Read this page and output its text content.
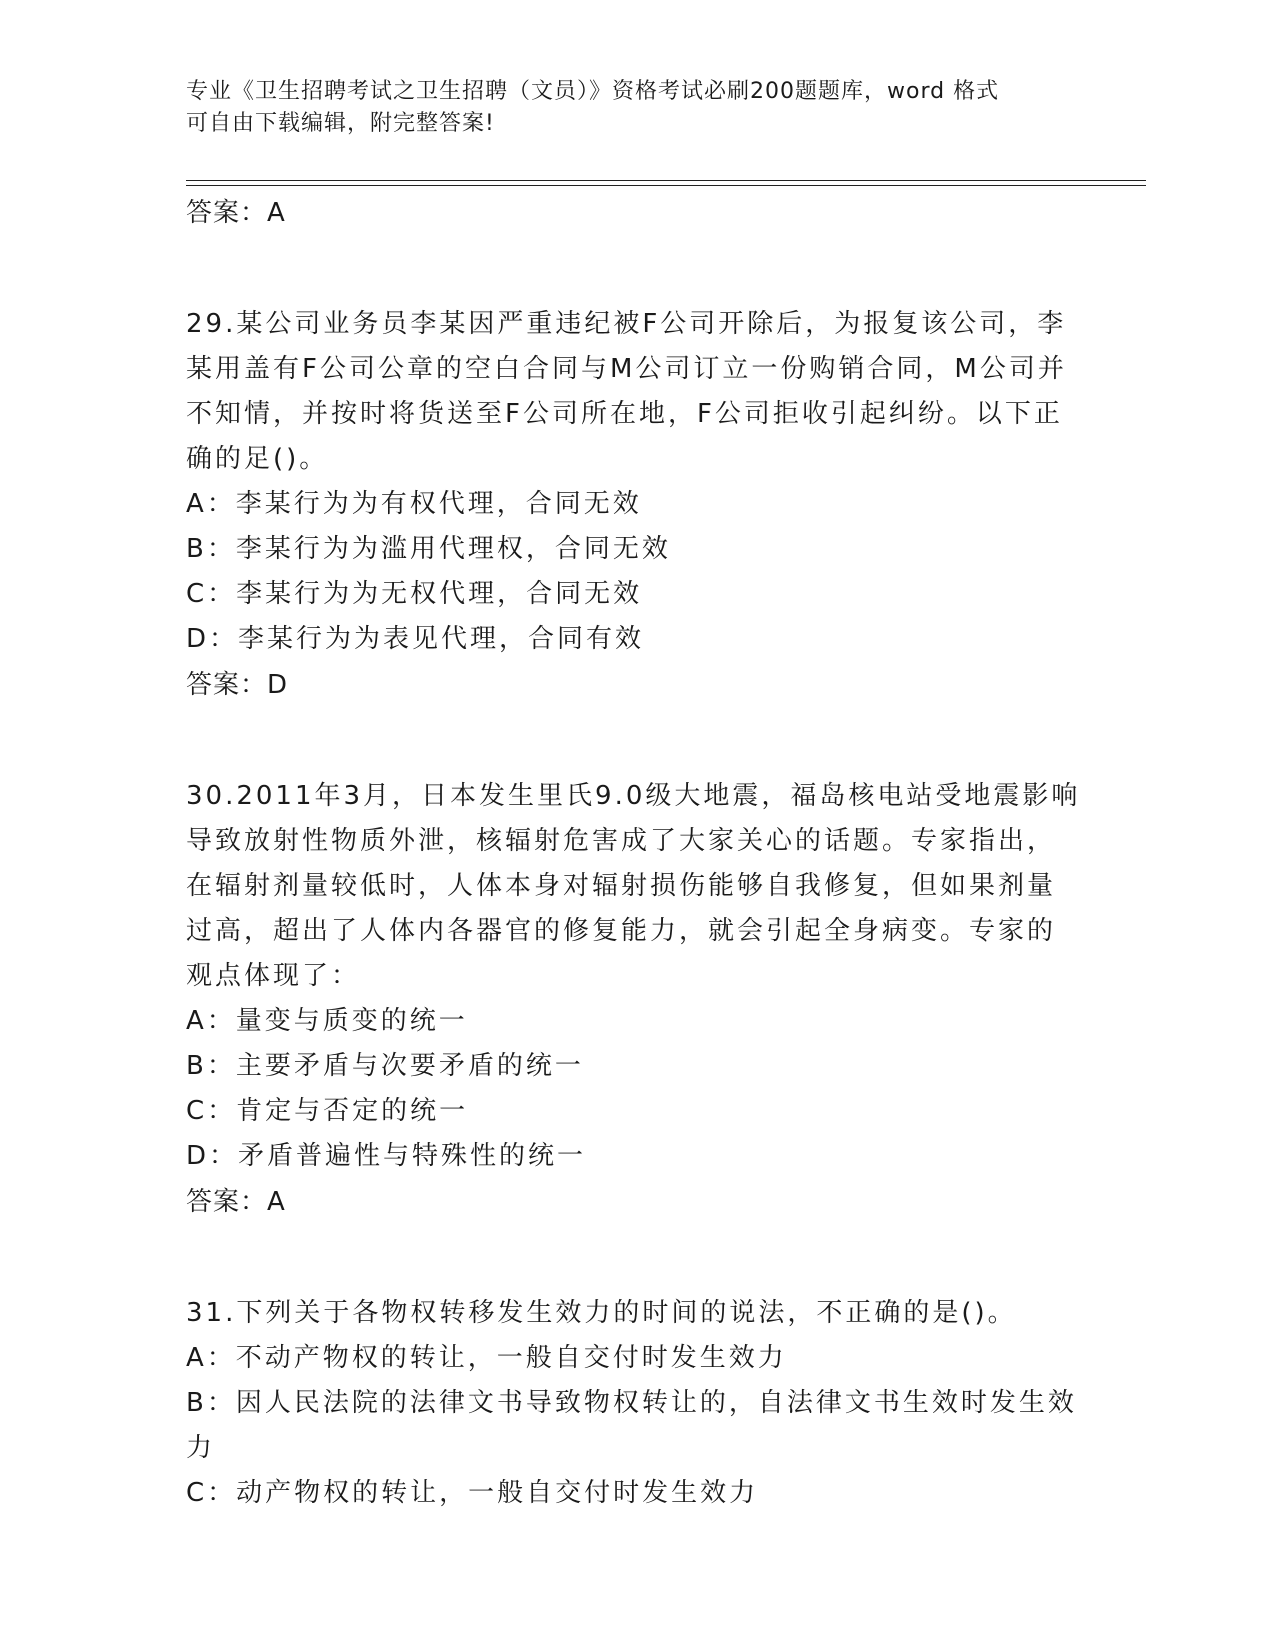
专业《卫生招聘考试之卫生招聘（文员）》资格考试必刷200题题库，word 格式
可自由下载编辑，附完整答案!
答案：A
29.某公司业务员李某因严重违纪被F公司开除后，为报复该公司，李
某用盖有F公司公章的空白合同与M公司订立一份购销合同，M公司并
不知情，并按时将货送至F公司所在地，F公司拒收引起纠纷。以下正
确的足()。
A：李某行为为有权代理，合同无效
B：李某行为为滥用代理权，合同无效
C：李某行为为无权代理，合同无效
D：李某行为为表见代理，合同有效
答案：D
30.2011年3月，日本发生里氏9.0级大地震，福岛核电站受地震影响
导致放射性物质外泄，核辐射危害成了大家关心的话题。专家指出，
在辐射剂量较低时，人体本身对辐射损伤能够自我修复，但如果剂量
过高，超出了人体内各器官的修复能力，就会引起全身病变。专家的
观点体现了：
A：量变与质变的统一
B：主要矛盾与次要矛盾的统一
C：肯定与否定的统一
D：矛盾普遍性与特殊性的统一
答案：A
31.下列关于各物权转移发生效力的时间的说法，不正确的是()。
A：不动产物权的转让，一般自交付时发生效力
B：因人民法院的法律文书导致物权转让的，自法律文书生效时发生效
力
C：动产物权的转让，一般自交付时发生效力
